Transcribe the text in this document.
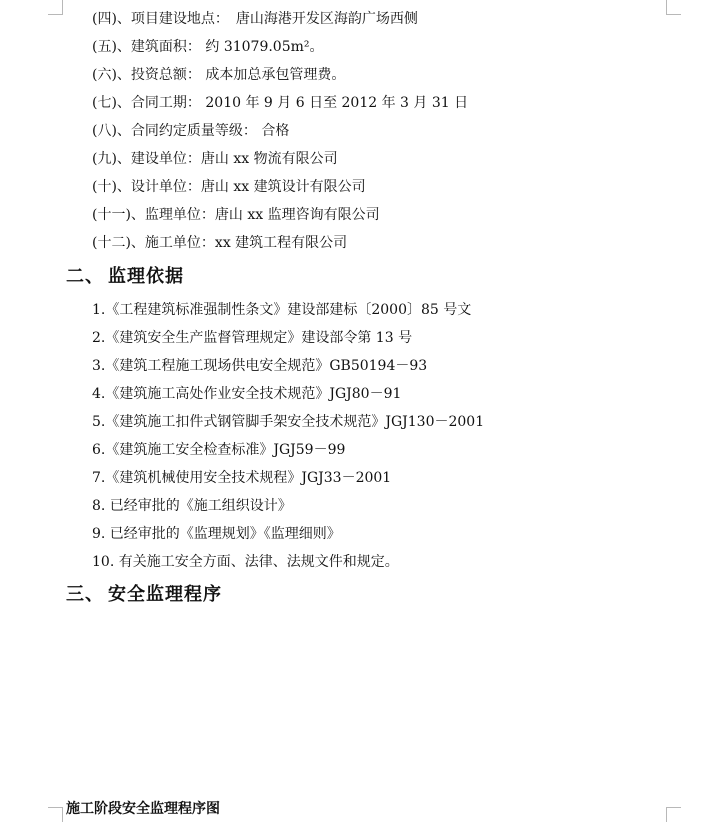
(四)、项目建设地点：　唐山海港开发区海韵广场西侧
(五)、建筑面积： 约 31079.05m²。
(六)、投资总额： 成本加总承包管理费。
(七)、合同工期： 2010 年 9 月 6 日至 2012 年 3 月 31 日
(八)、合同约定质量等级： 合格
(九)、建设单位：唐山 xx 物流有限公司
(十)、设计单位：唐山 xx 建筑设计有限公司
(十一)、监理单位：唐山 xx 监理咨询有限公司
(十二)、施工单位：xx 建筑工程有限公司
二、 监理依据
1.《工程建筑标准强制性条文》建设部建标〔2000〕85 号文
2.《建筑安全生产监督管理规定》建设部令第 13 号
3.《建筑工程施工现场供电安全规范》GB50194－93
4.《建筑施工高处作业安全技术规范》JGJ80－91
5.《建筑施工扣件式钢管脚手架安全技术规范》JGJ130－2001
6.《建筑施工安全检查标准》JGJ59－99
7.《建筑机械使用安全技术规程》JGJ33－2001
8. 已经审批的《施工组织设计》
9. 已经审批的《监理规划》《监理细则》
10. 有关施工安全方面、法律、法规文件和规定。
三、 安全监理程序
施工阶段安全监理程序图
